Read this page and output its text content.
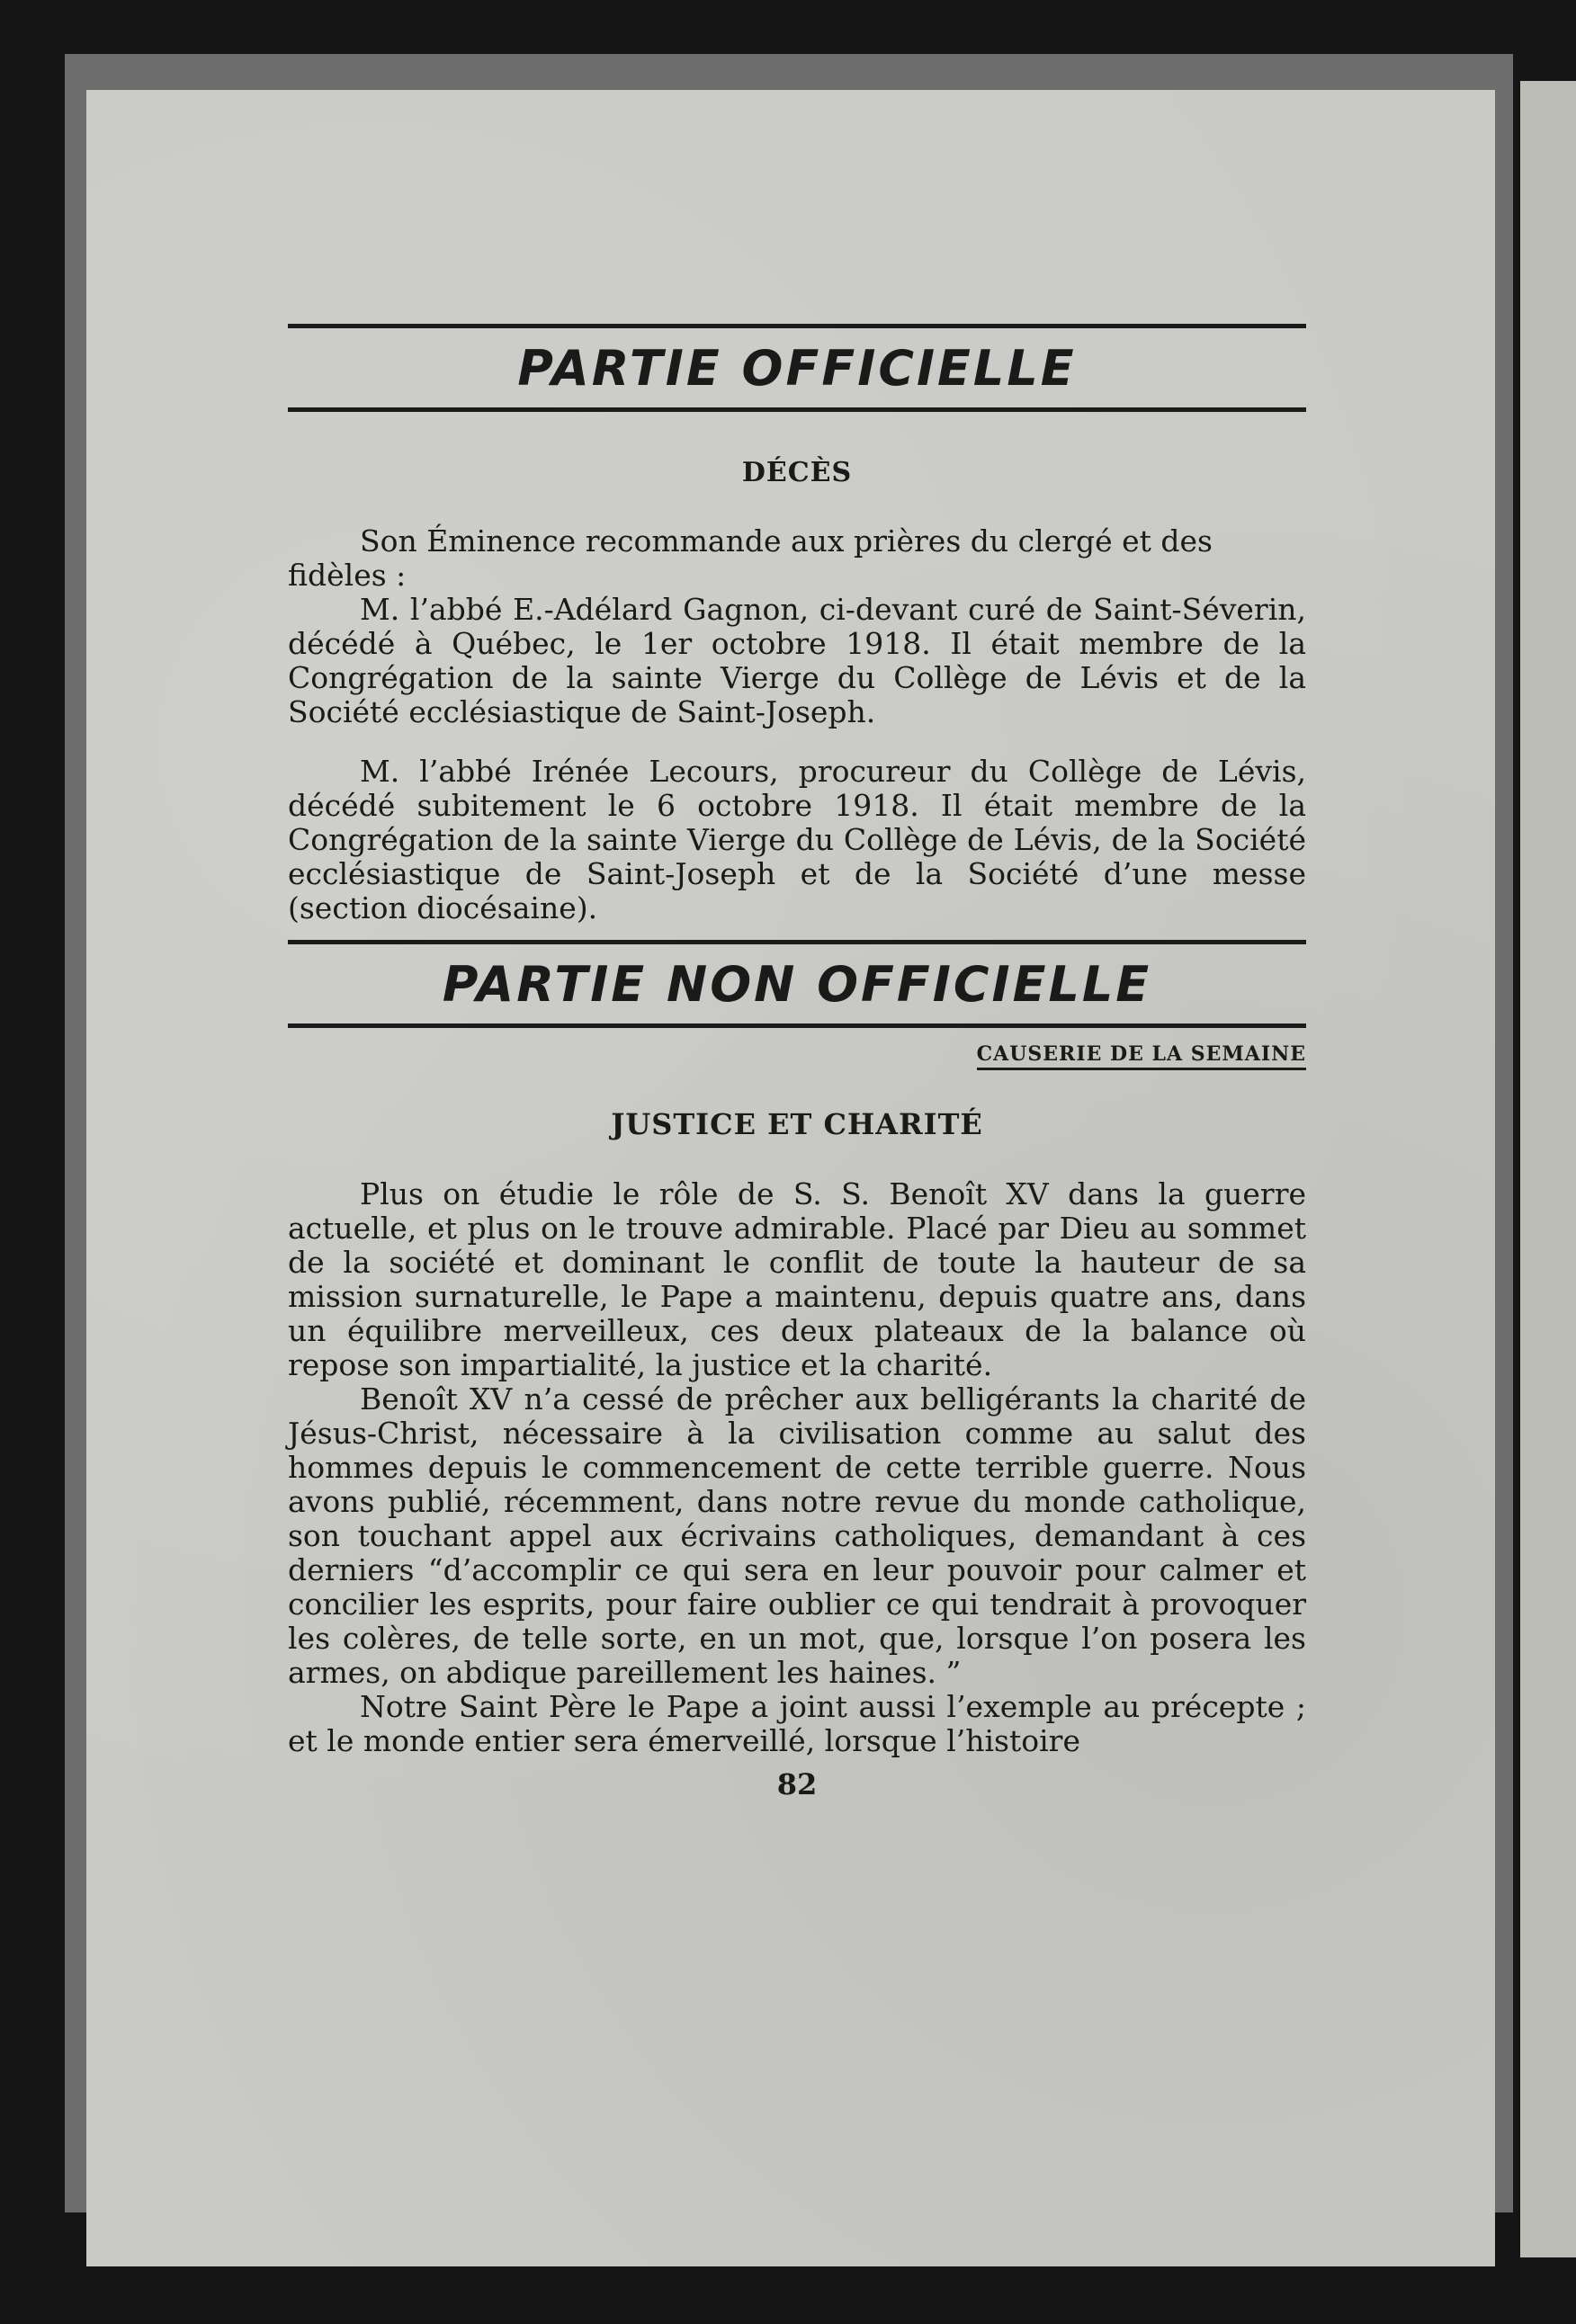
PARTIE OFFICIELLE
DÉCÈS

Son Éminence recommande aux prières du clergé et des

fidèles :

M. l’abbé E.-Adélard Gagnon, ci-devant curé de Saint-Séverin, décédé à Québec, le 1er octobre 1918. Il était membre de la Congrégation de la sainte Vierge du Collège de Lévis et de la Société ecclésiastique de Saint-Joseph.

M. l’abbé Irénée Lecours, procureur du Collège de Lévis, décédé subitement le 6 octobre 1918. Il était membre de la Congrégation de la sainte Vierge du Collège de Lévis, de la Société ecclésiastique de Saint-Joseph et de la Société d’une messe (section diocésaine).

PARTIE NON OFFICIELLE
CAUSERIE DE LA SEMAINE
JUSTICE ET CHARITÉ

Plus on étudie le rôle de S. S. Benoît XV dans la guerre actuelle, et plus on le trouve admirable. Placé par Dieu au sommet de la société et dominant le conflit de toute la hauteur de sa mission surnaturelle, le Pape a maintenu, depuis quatre ans, dans un équilibre merveilleux, ces deux plateaux de la balance où repose son impartialité, la justice et la charité.

Benoît XV n’a cessé de prêcher aux belligérants la charité de Jésus-Christ, nécessaire à la civilisation comme au salut des hommes depuis le commencement de cette terrible guerre. Nous avons publié, récemment, dans notre revue du monde catholique, son touchant appel aux écrivains catholiques, demandant à ces derniers “d’accomplir ce qui sera en leur pouvoir pour calmer et concilier les esprits, pour faire oublier ce qui tendrait à provoquer les colères, de telle sorte, en un mot, que, lorsque l’on posera les armes, on abdique pareillement les haines. ”

Notre Saint Père le Pape a joint aussi l’exemple au précepte ; et le monde entier sera émerveillé, lorsque l’histoire

82
